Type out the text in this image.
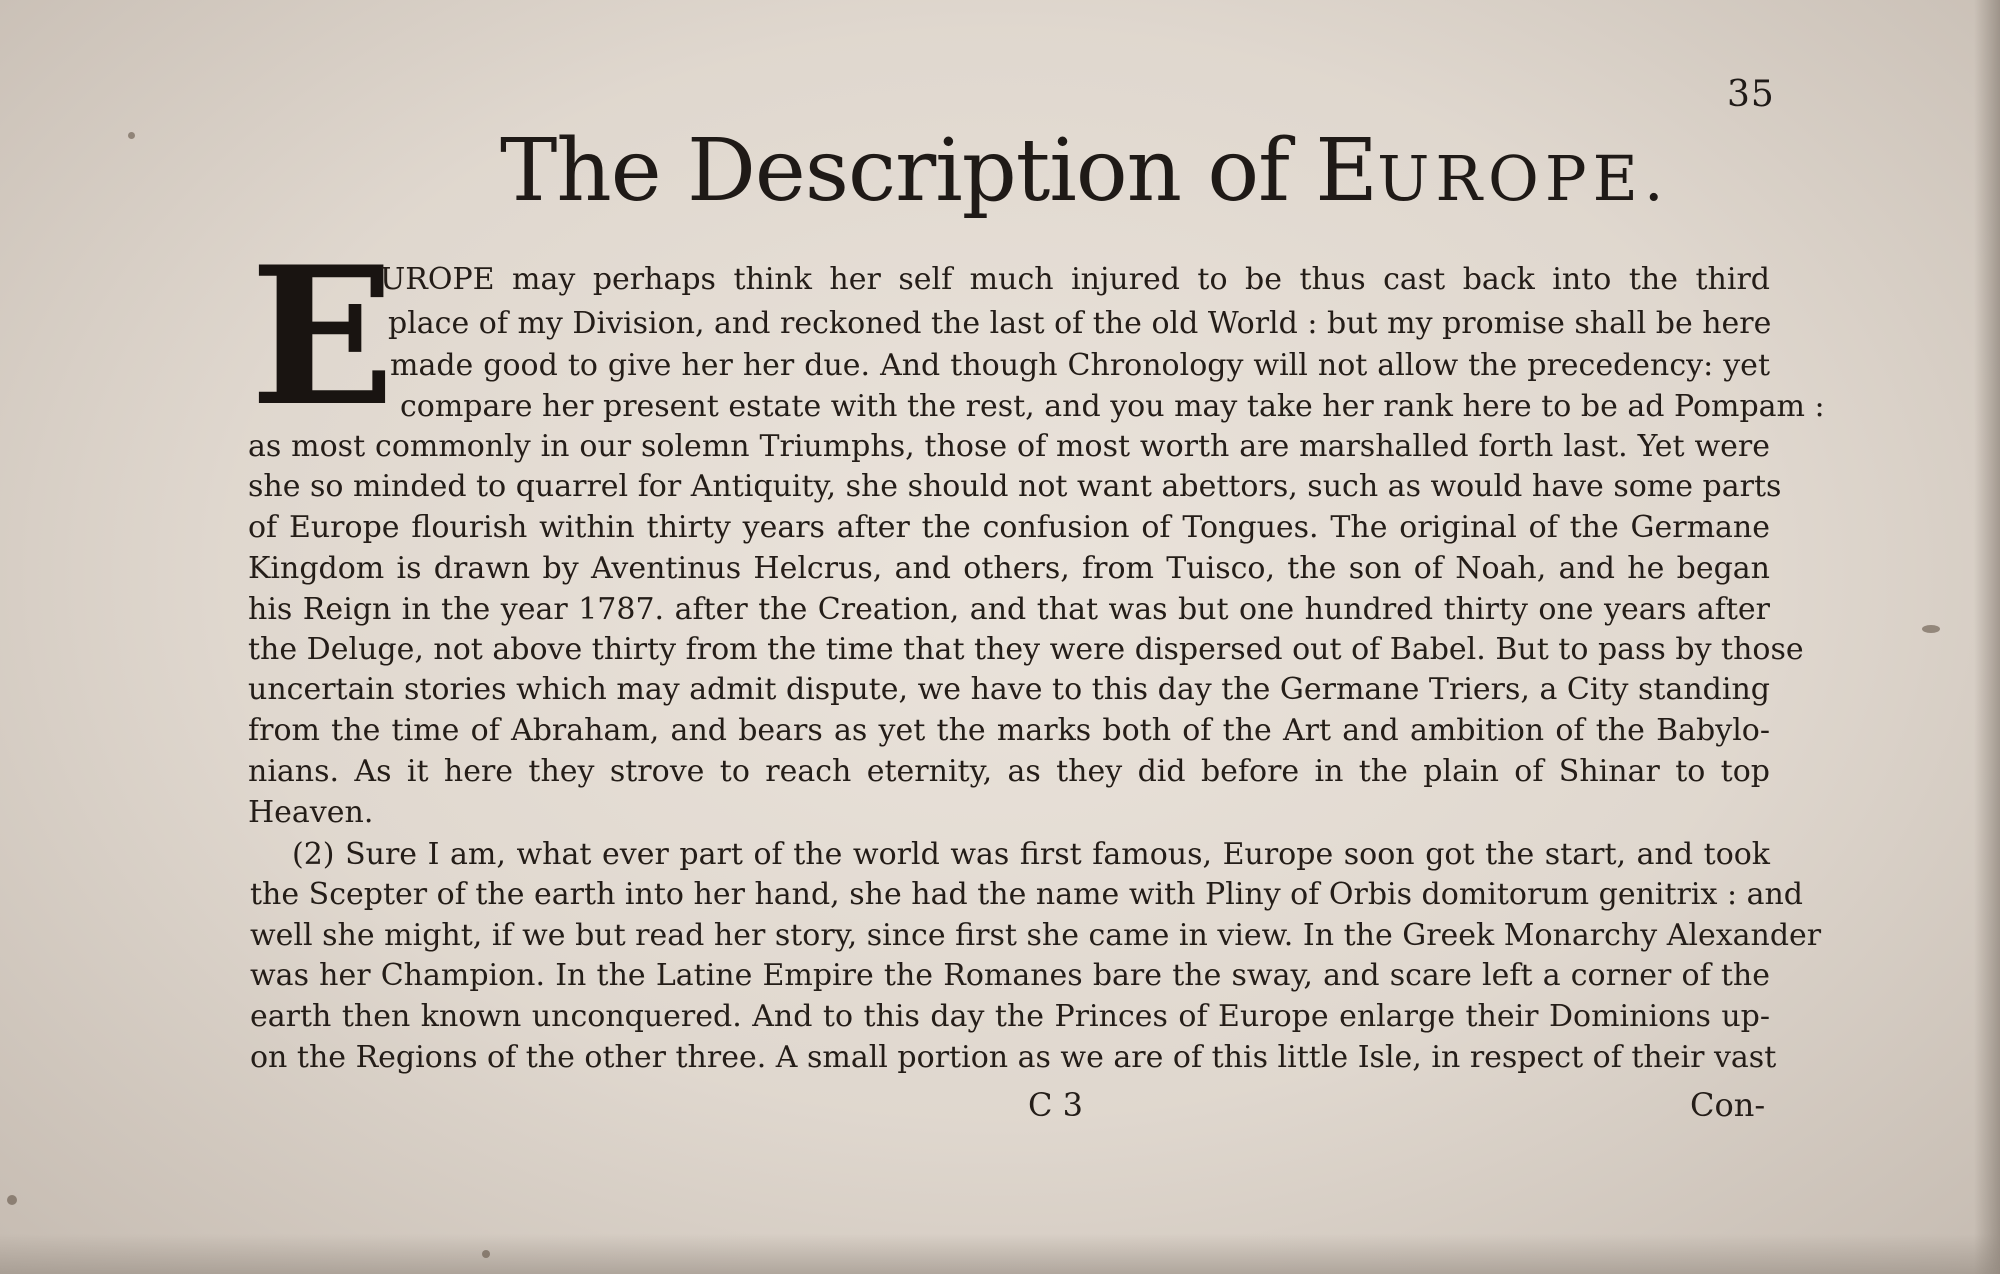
35
The Description of EUROPE.
E
UROPE may perhaps think her self much injured to be thus cast back into the third
place of my Division, and reckoned the last of the old World : but my promise shall be here
made good to give her her due. And though Chronology will not allow the precedency: yet
compare her present estate with the rest, and you may take her rank here to be ad Pompam :
as most commonly in our solemn Triumphs, those of most worth are marshalled forth last. Yet were
she so minded to quarrel for Antiquity, she should not want abettors, such as would have some parts
of Europe flourish within thirty years after the confusion of Tongues. The original of the Germane
Kingdom is drawn by Aventinus Helcrus, and others, from Tuisco, the son of Noah, and he began
his Reign in the year 1787. after the Creation, and that was but one hundred thirty one years after
the Deluge, not above thirty from the time that they were dispersed out of Babel. But to pass by those
uncertain stories which may admit dispute, we have to this day the Germane Triers, a City standing
from the time of Abraham, and bears as yet the marks both of the Art and ambition of the Babylo-
nians. As it here they strove to reach eternity, as they did before in the plain of Shinar to top
Heaven.
(2) Sure I am, what ever part of the world was first famous, Europe soon got the start, and took
the Scepter of the earth into her hand, she had the name with Pliny of Orbis domitorum genitrix : and
well she might, if we but read her story, since first she came in view. In the Greek Monarchy Alexander
was her Champion. In the Latine Empire the Romanes bare the sway, and scare left a corner of the
earth then known unconquered. And to this day the Princes of Europe enlarge their Dominions up-
on the Regions of the other three. A small portion as we are of this little Isle, in respect of their vast
C 3	Con-
